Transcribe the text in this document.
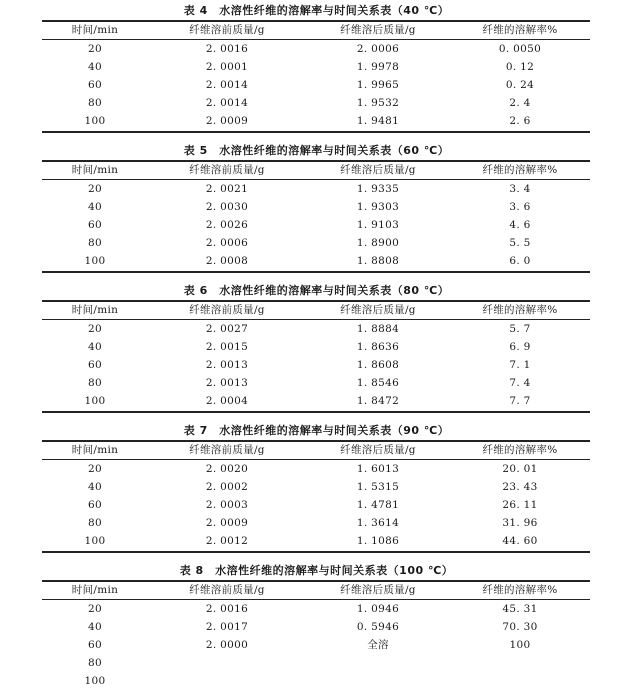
表 4　水溶性纤维的溶解率与时间关系表（40 ℃）
时间/min	纤维溶前质量/g	纤维溶后质量/g	纤维的溶解率%
20	2. 0016	2. 0006	0. 0050
40	2. 0001	1. 9978	0. 12
60	2. 0014	1. 9965	0. 24
80	2. 0014	1. 9532	2. 4
100	2. 0009	1. 9481	2. 6
表 5　水溶性纤维的溶解率与时间关系表（60 ℃）
时间/min	纤维溶前质量/g	纤维溶后质量/g	纤维的溶解率%
20	2. 0021	1. 9335	3. 4
40	2. 0030	1. 9303	3. 6
60	2. 0026	1. 9103	4. 6
80	2. 0006	1. 8900	5. 5
100	2. 0008	1. 8808	6. 0
表 6　水溶性纤维的溶解率与时间关系表（80 ℃）
时间/min	纤维溶前质量/g	纤维溶后质量/g	纤维的溶解率%
20	2. 0027	1. 8884	5. 7
40	2. 0015	1. 8636	6. 9
60	2. 0013	1. 8608	7. 1
80	2. 0013	1. 8546	7. 4
100	2. 0004	1. 8472	7. 7
表 7　水溶性纤维的溶解率与时间关系表（90 ℃）
时间/min	纤维溶前质量/g	纤维溶后质量/g	纤维的溶解率%
20	2. 0020	1. 6013	20. 01
40	2. 0002	1. 5315	23. 43
60	2. 0003	1. 4781	26. 11
80	2. 0009	1. 3614	31. 96
100	2. 0012	1. 1086	44. 60
表 8　水溶性纤维的溶解率与时间关系表（100 ℃）
时间/min	纤维溶前质量/g	纤维溶后质量/g	纤维的溶解率%
20	2. 0016	1. 0946	45. 31
40	2. 0017	0. 5946	70. 30
60	2. 0000	全溶	100
80
100
